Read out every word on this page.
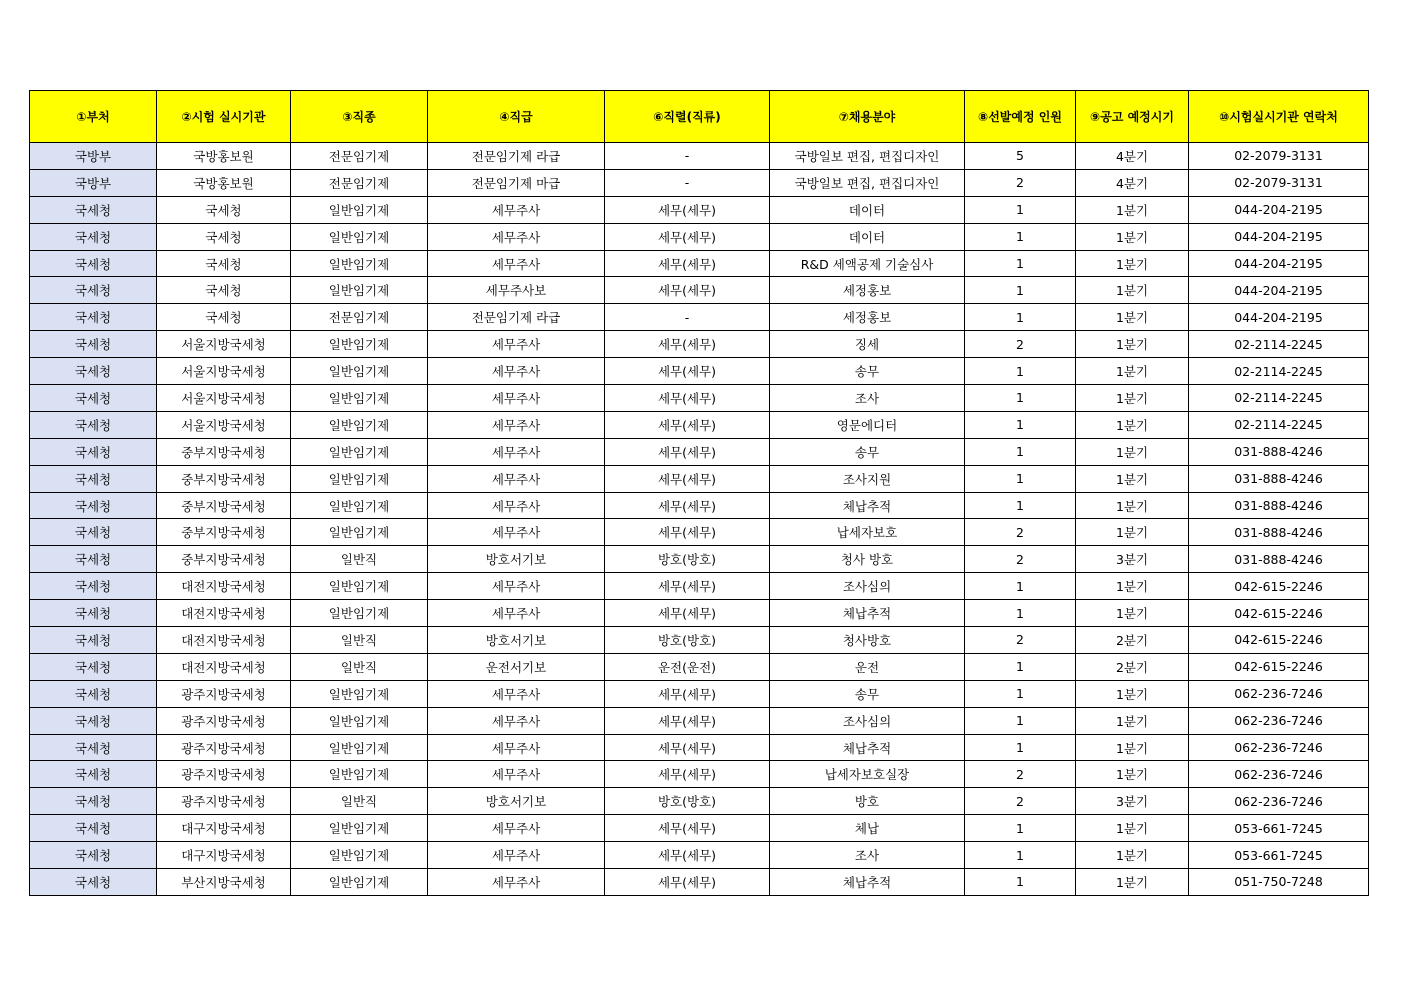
①부처	②시험 실시기관	③직종	④직급	⑥직렬(직류)	⑦채용분야	⑧선발예정 인원	⑨공고 예정시기	⑩시험실시기관 연락처
국방부	국방홍보원	전문임기제	전문임기제 라급	-	국방일보 편집, 편집디자인	5	4분기	02-2079-3131
국방부	국방홍보원	전문임기제	전문임기제 마급	-	국방일보 편집, 편집디자인	2	4분기	02-2079-3131
국세청	국세청	일반임기제	세무주사	세무(세무)	데이터	1	1분기	044-204-2195
국세청	국세청	일반임기제	세무주사	세무(세무)	데이터	1	1분기	044-204-2195
국세청	국세청	일반임기제	세무주사	세무(세무)	R&D 세액공제 기술심사	1	1분기	044-204-2195
국세청	국세청	일반임기제	세무주사보	세무(세무)	세정홍보	1	1분기	044-204-2195
국세청	국세청	전문임기제	전문임기제 라급	-	세정홍보	1	1분기	044-204-2195
국세청	서울지방국세청	일반임기제	세무주사	세무(세무)	징세	2	1분기	02-2114-2245
국세청	서울지방국세청	일반임기제	세무주사	세무(세무)	송무	1	1분기	02-2114-2245
국세청	서울지방국세청	일반임기제	세무주사	세무(세무)	조사	1	1분기	02-2114-2245
국세청	서울지방국세청	일반임기제	세무주사	세무(세무)	영문에디터	1	1분기	02-2114-2245
국세청	중부지방국세청	일반임기제	세무주사	세무(세무)	송무	1	1분기	031-888-4246
국세청	중부지방국세청	일반임기제	세무주사	세무(세무)	조사지원	1	1분기	031-888-4246
국세청	중부지방국세청	일반임기제	세무주사	세무(세무)	체납추적	1	1분기	031-888-4246
국세청	중부지방국세청	일반임기제	세무주사	세무(세무)	납세자보호	2	1분기	031-888-4246
국세청	중부지방국세청	일반직	방호서기보	방호(방호)	청사 방호	2	3분기	031-888-4246
국세청	대전지방국세청	일반임기제	세무주사	세무(세무)	조사심의	1	1분기	042-615-2246
국세청	대전지방국세청	일반임기제	세무주사	세무(세무)	체납추적	1	1분기	042-615-2246
국세청	대전지방국세청	일반직	방호서기보	방호(방호)	청사방호	2	2분기	042-615-2246
국세청	대전지방국세청	일반직	운전서기보	운전(운전)	운전	1	2분기	042-615-2246
국세청	광주지방국세청	일반임기제	세무주사	세무(세무)	송무	1	1분기	062-236-7246
국세청	광주지방국세청	일반임기제	세무주사	세무(세무)	조사심의	1	1분기	062-236-7246
국세청	광주지방국세청	일반임기제	세무주사	세무(세무)	체납추적	1	1분기	062-236-7246
국세청	광주지방국세청	일반임기제	세무주사	세무(세무)	납세자보호실장	2	1분기	062-236-7246
국세청	광주지방국세청	일반직	방호서기보	방호(방호)	방호	2	3분기	062-236-7246
국세청	대구지방국세청	일반임기제	세무주사	세무(세무)	체납	1	1분기	053-661-7245
국세청	대구지방국세청	일반임기제	세무주사	세무(세무)	조사	1	1분기	053-661-7245
국세청	부산지방국세청	일반임기제	세무주사	세무(세무)	체납추적	1	1분기	051-750-7248
